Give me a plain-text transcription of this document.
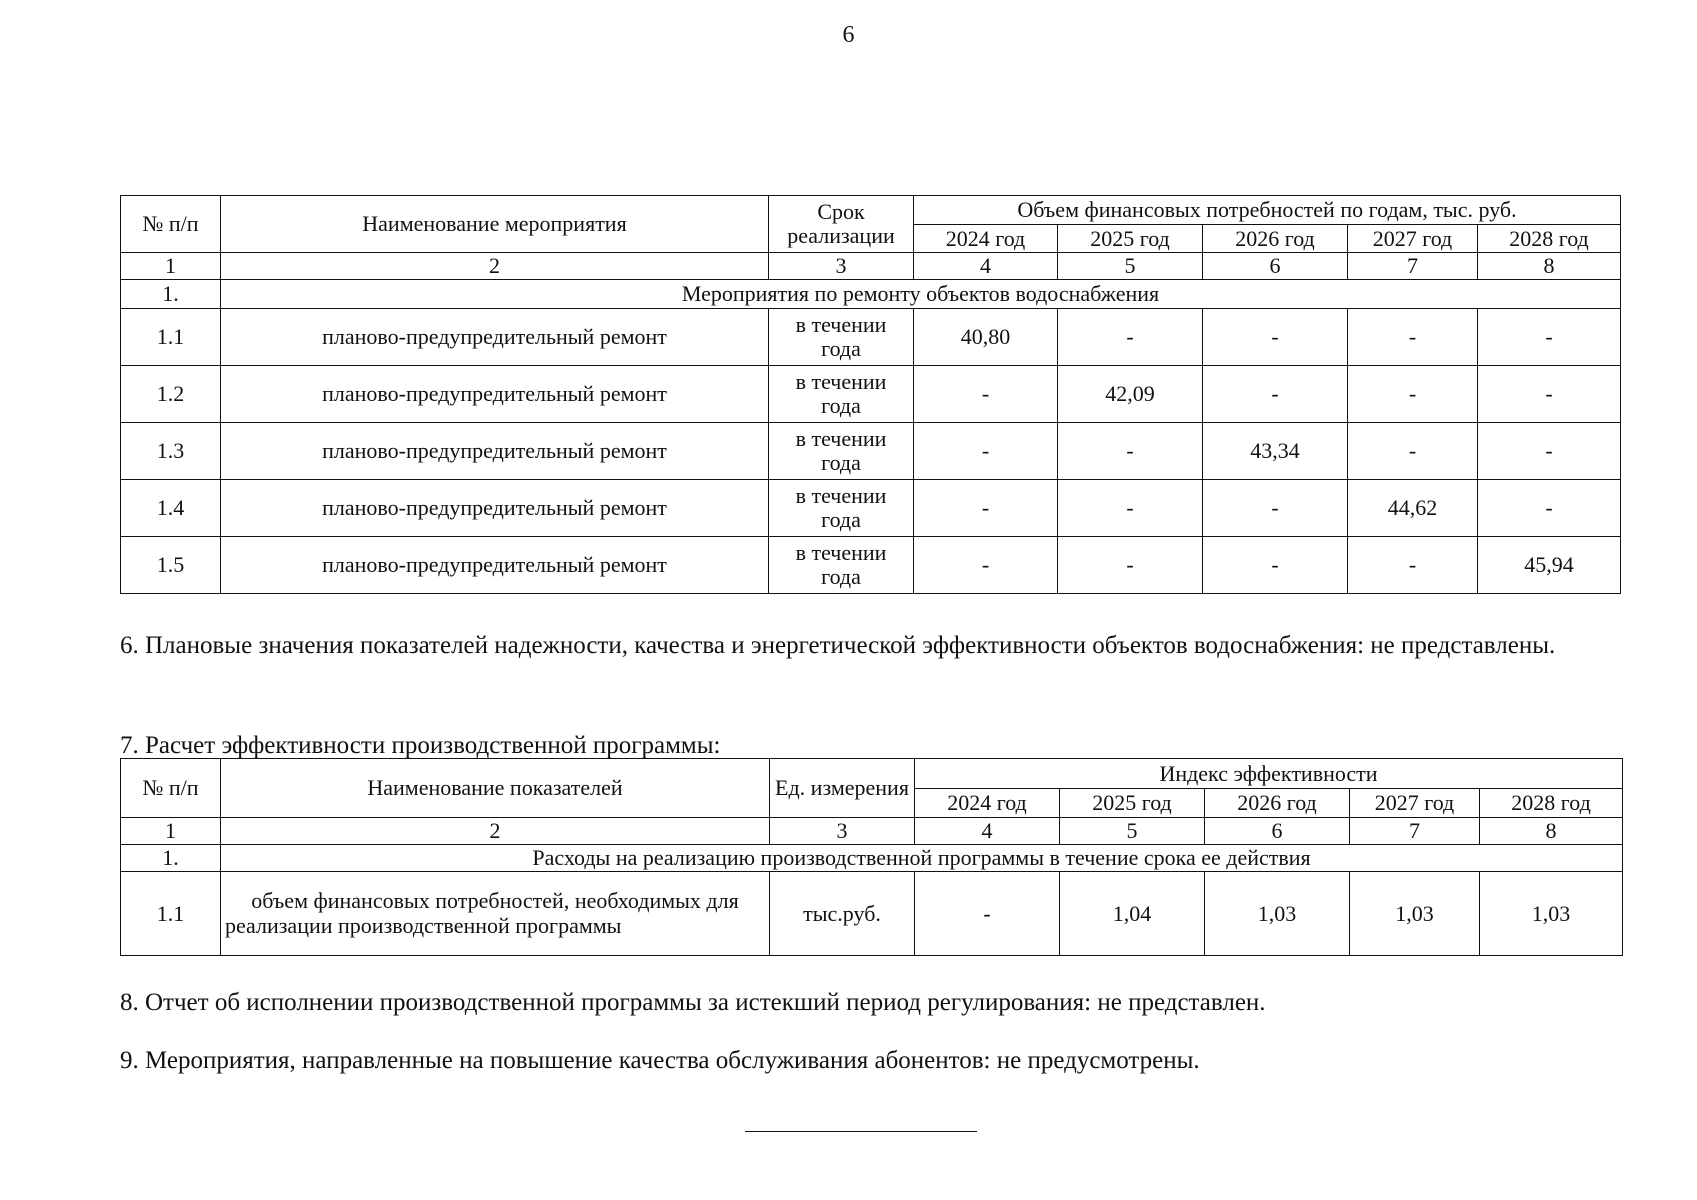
6
№ п/п	Наименование мероприятия	Срок реализации	Объем финансовых потребностей по годам, тыс. руб.				
			2024 год	2025 год	2026 год	2027 год	2028 год
1	2	3	4	5	6	7	8
1.	Мероприятия по ремонту объектов водоснабжения						
1.1	планово-предупредительный ремонт	в течении года	40,80	-	-	-	-
1.2	планово-предупредительный ремонт	в течении года	-	42,09	-	-	-
1.3	планово-предупредительный ремонт	в течении года	-	-	43,34	-	-
1.4	планово-предупредительный ремонт	в течении года	-	-	-	44,62	-
1.5	планово-предупредительный ремонт	в течении года	-	-	-	-	45,94
6. Плановые значения показателей надежности, качества и энергетической эффективности объектов водоснабжения: не представлены.
7. Расчет эффективности производственной программы:
№ п/п	Наименование показателей	Ед. измерения	Индекс эффективности				
			2024 год	2025 год	2026 год	2027 год	2028 год
1	2	3	4	5	6	7	8
1.	Расходы на реализацию производственной программы в течение срока ее действия						
1.1	объем финансовых потребностей, необходимых для реализации производственной программы	тыс.руб.	-	1,04	1,03	1,03	1,03
8. Отчет об исполнении производственной программы за истекший период регулирования: не представлен.
9. Мероприятия, направленные на повышение качества обслуживания абонентов: не предусмотрены.
